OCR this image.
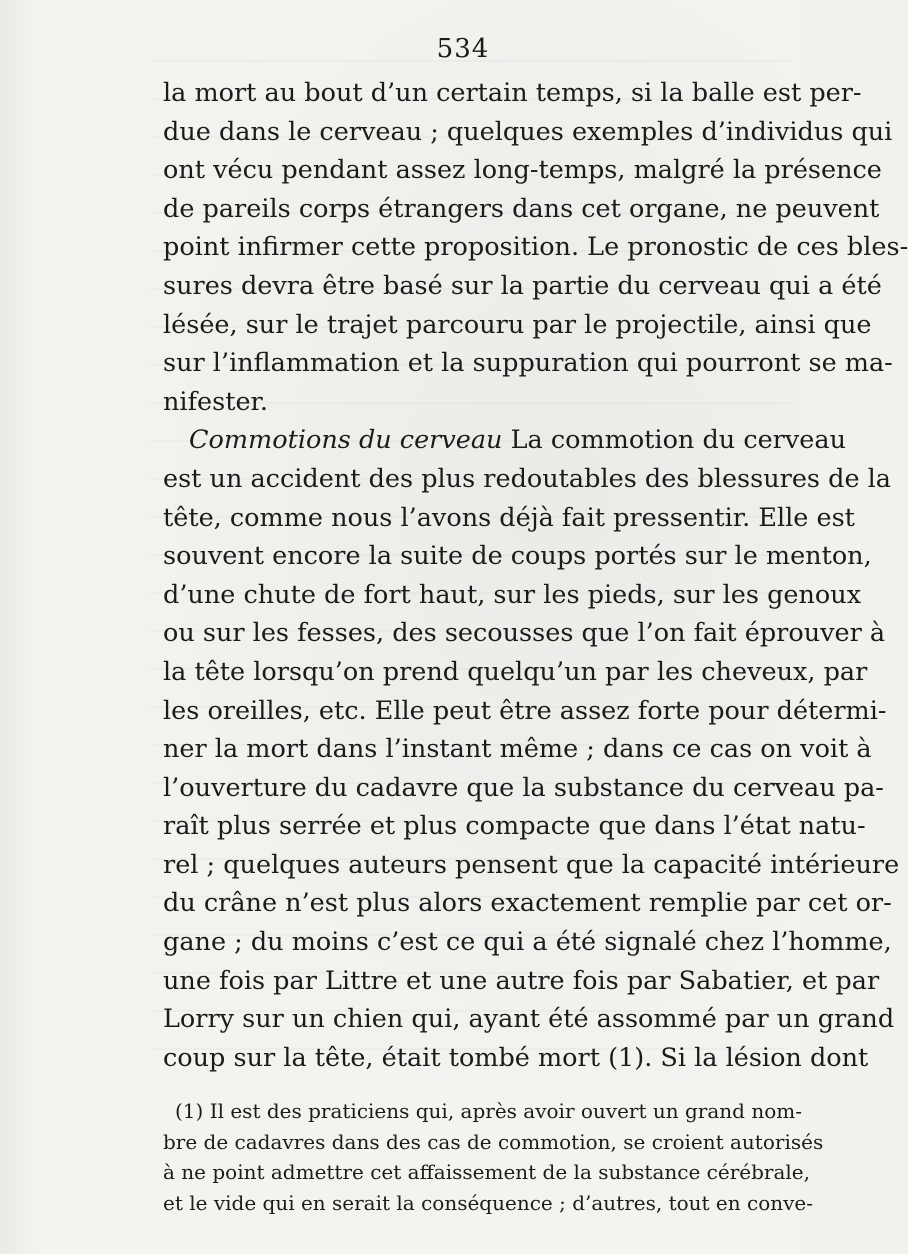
534
la mort au bout d’un certain temps, si la balle est per-
due dans le cerveau ; quelques exemples d’individus qui
ont vécu pendant assez long-temps, malgré la présence
de pareils corps étrangers dans cet organe, ne peuvent
point infirmer cette proposition. Le pronostic de ces bles-
sures devra être basé sur la partie du cerveau qui a été
lésée, sur le trajet parcouru par le projectile, ainsi que
sur l’inflammation et la suppuration qui pourront se ma-
nifester.
Commotions du cerveau La commotion du cerveau
est un accident des plus redoutables des blessures de la
tête, comme nous l’avons déjà fait pressentir. Elle est
souvent encore la suite de coups portés sur le menton,
d’une chute de fort haut, sur les pieds, sur les genoux
ou sur les fesses, des secousses que l’on fait éprouver à
la tête lorsqu’on prend quelqu’un par les cheveux, par
les oreilles, etc. Elle peut être assez forte pour détermi-
ner la mort dans l’instant même ; dans ce cas on voit à
l’ouverture du cadavre que la substance du cerveau pa-
raît plus serrée et plus compacte que dans l’état natu-
rel ; quelques auteurs pensent que la capacité intérieure
du crâne n’est plus alors exactement remplie par cet or-
gane ; du moins c’est ce qui a été signalé chez l’homme,
une fois par Littre et une autre fois par Sabatier, et par
Lorry sur un chien qui, ayant été assommé par un grand
coup sur la tête, était tombé mort (1). Si la lésion dont
(1) Il est des praticiens qui, après avoir ouvert un grand nom-
bre de cadavres dans des cas de commotion, se croient autorisés
à ne point admettre cet affaissement de la substance cérébrale,
et le vide qui en serait la conséquence ; d’autres, tout en conve-
